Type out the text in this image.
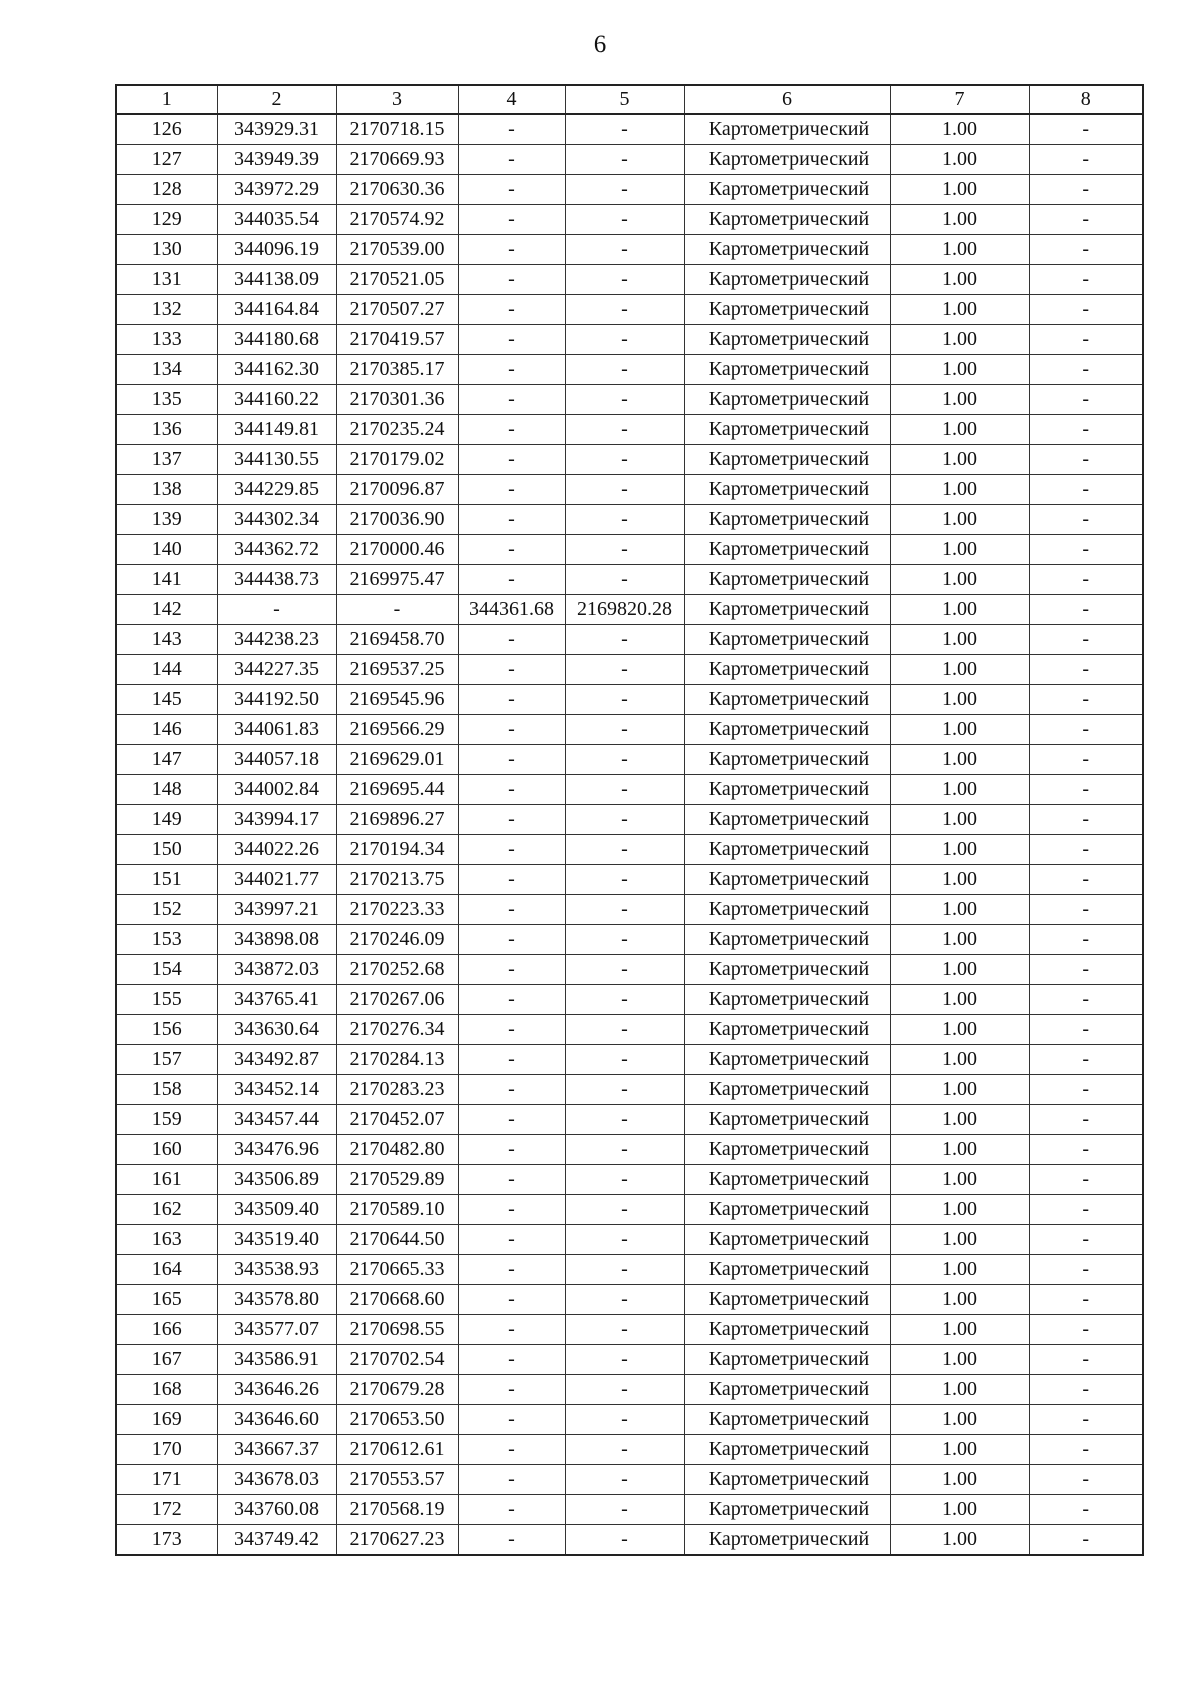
6
1	2	3	4	5	6	7	8
126	343929.31	2170718.15	-	-	Картометрический	1.00	-
127	343949.39	2170669.93	-	-	Картометрический	1.00	-
128	343972.29	2170630.36	-	-	Картометрический	1.00	-
129	344035.54	2170574.92	-	-	Картометрический	1.00	-
130	344096.19	2170539.00	-	-	Картометрический	1.00	-
131	344138.09	2170521.05	-	-	Картометрический	1.00	-
132	344164.84	2170507.27	-	-	Картометрический	1.00	-
133	344180.68	2170419.57	-	-	Картометрический	1.00	-
134	344162.30	2170385.17	-	-	Картометрический	1.00	-
135	344160.22	2170301.36	-	-	Картометрический	1.00	-
136	344149.81	2170235.24	-	-	Картометрический	1.00	-
137	344130.55	2170179.02	-	-	Картометрический	1.00	-
138	344229.85	2170096.87	-	-	Картометрический	1.00	-
139	344302.34	2170036.90	-	-	Картометрический	1.00	-
140	344362.72	2170000.46	-	-	Картометрический	1.00	-
141	344438.73	2169975.47	-	-	Картометрический	1.00	-
142	-	-	344361.68	2169820.28	Картометрический	1.00	-
143	344238.23	2169458.70	-	-	Картометрический	1.00	-
144	344227.35	2169537.25	-	-	Картометрический	1.00	-
145	344192.50	2169545.96	-	-	Картометрический	1.00	-
146	344061.83	2169566.29	-	-	Картометрический	1.00	-
147	344057.18	2169629.01	-	-	Картометрический	1.00	-
148	344002.84	2169695.44	-	-	Картометрический	1.00	-
149	343994.17	2169896.27	-	-	Картометрический	1.00	-
150	344022.26	2170194.34	-	-	Картометрический	1.00	-
151	344021.77	2170213.75	-	-	Картометрический	1.00	-
152	343997.21	2170223.33	-	-	Картометрический	1.00	-
153	343898.08	2170246.09	-	-	Картометрический	1.00	-
154	343872.03	2170252.68	-	-	Картометрический	1.00	-
155	343765.41	2170267.06	-	-	Картометрический	1.00	-
156	343630.64	2170276.34	-	-	Картометрический	1.00	-
157	343492.87	2170284.13	-	-	Картометрический	1.00	-
158	343452.14	2170283.23	-	-	Картометрический	1.00	-
159	343457.44	2170452.07	-	-	Картометрический	1.00	-
160	343476.96	2170482.80	-	-	Картометрический	1.00	-
161	343506.89	2170529.89	-	-	Картометрический	1.00	-
162	343509.40	2170589.10	-	-	Картометрический	1.00	-
163	343519.40	2170644.50	-	-	Картометрический	1.00	-
164	343538.93	2170665.33	-	-	Картометрический	1.00	-
165	343578.80	2170668.60	-	-	Картометрический	1.00	-
166	343577.07	2170698.55	-	-	Картометрический	1.00	-
167	343586.91	2170702.54	-	-	Картометрический	1.00	-
168	343646.26	2170679.28	-	-	Картометрический	1.00	-
169	343646.60	2170653.50	-	-	Картометрический	1.00	-
170	343667.37	2170612.61	-	-	Картометрический	1.00	-
171	343678.03	2170553.57	-	-	Картометрический	1.00	-
172	343760.08	2170568.19	-	-	Картометрический	1.00	-
173	343749.42	2170627.23	-	-	Картометрический	1.00	-
